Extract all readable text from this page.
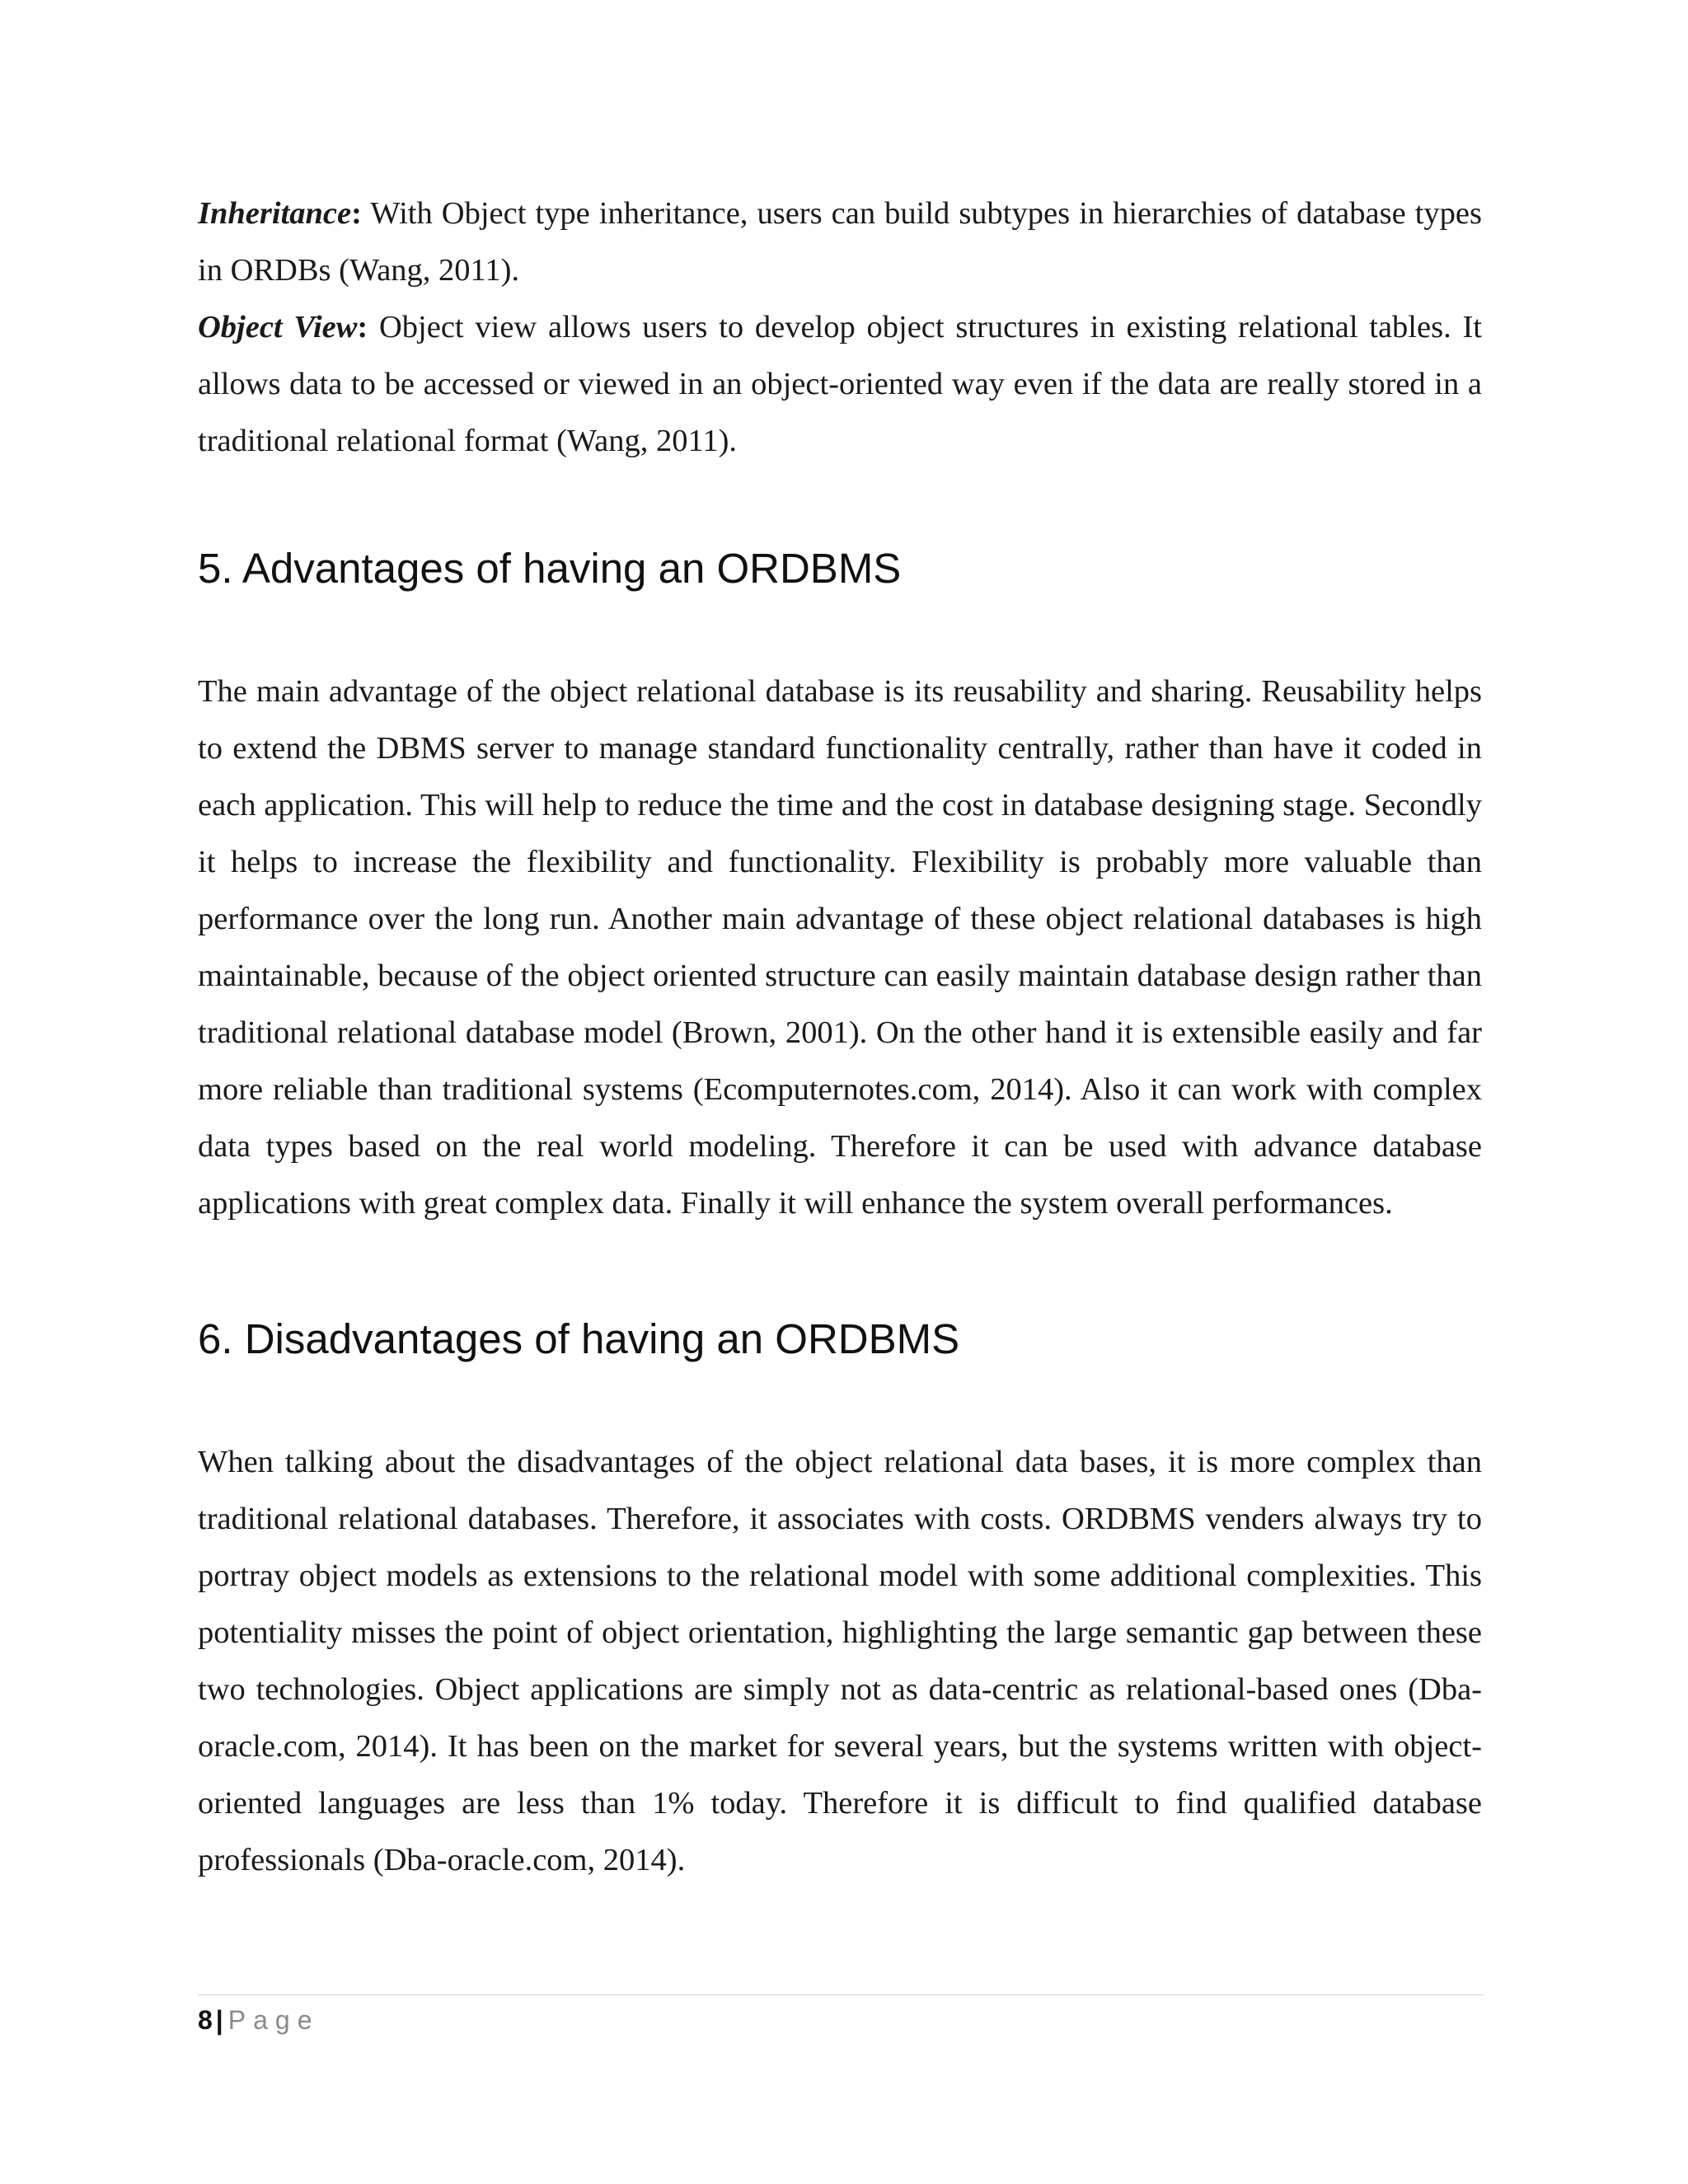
Inheritance: With Object type inheritance, users can build subtypes in hierarchies of database types in ORDBs (Wang, 2011).

Object View: Object view allows users to develop object structures in existing relational tables. It allows data to be accessed or viewed in an object-oriented way even if the data are really stored in a traditional relational format (Wang, 2011).

5. Advantages of having an ORDBMS

The main advantage of the object relational database is its reusability and sharing. Reusability helps to extend the DBMS server to manage standard functionality centrally, rather than have it coded in each application. This will help to reduce the time and the cost in database designing stage. Secondly it helps to increase the flexibility and functionality. Flexibility is probably more valuable than performance over the long run. Another main advantage of these object relational databases is high maintainable, because of the object oriented structure can easily maintain database design rather than traditional relational database model (Brown, 2001). On the other hand it is extensible easily and far more reliable than traditional systems (Ecomputernotes.com, 2014). Also it can work with complex data types based on the real world modeling. Therefore it can be used with advance database applications with great complex data. Finally it will enhance the system overall performances.

6. Disadvantages of having an ORDBMS

When talking about the disadvantages of the object relational data bases, it is more complex than traditional relational databases. Therefore, it associates with costs. ORDBMS venders always try to portray object models as extensions to the relational model with some additional complexities. This potentiality misses the point of object orientation, highlighting the large semantic gap between these two technologies. Object applications are simply not as data-centric as relational-based ones (Dba-oracle.com, 2014). It has been on the market for several years, but the systems written with object-oriented languages are less than 1% today. Therefore it is difficult to find qualified database professionals (Dba-oracle.com, 2014).

8 | Page
